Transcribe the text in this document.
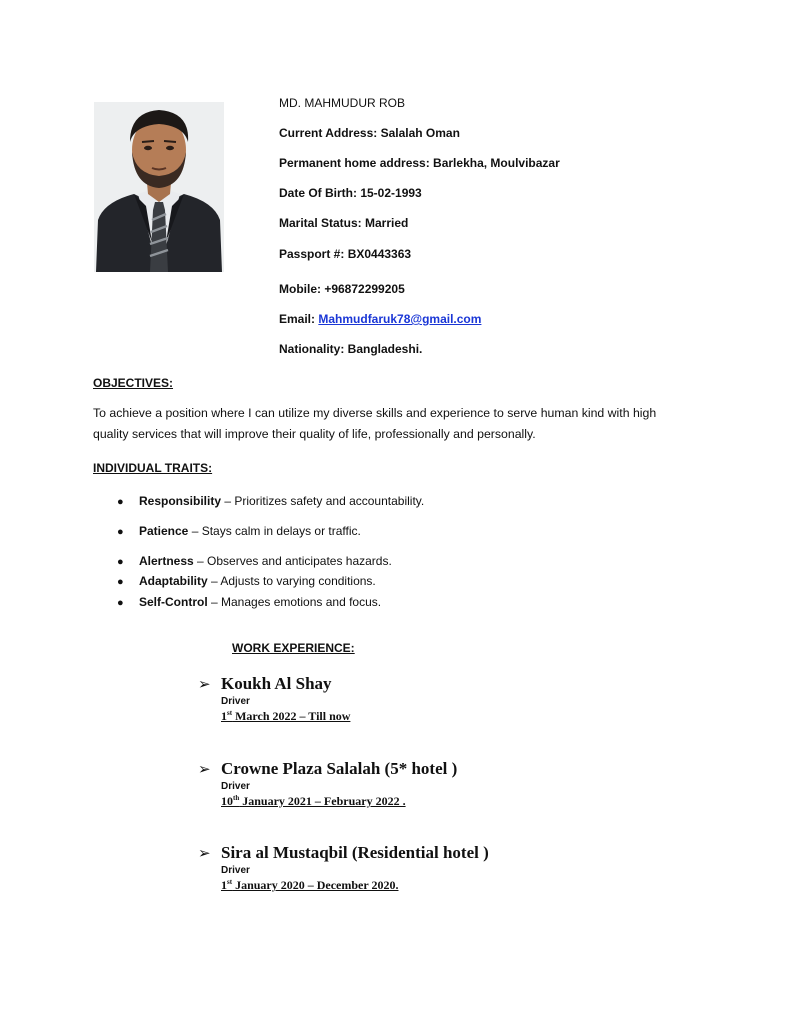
MD. MAHMUDUR ROB
Current Address: Salalah Oman
Permanent home address: Barlekha, Moulvibazar
Date Of Birth: 15-02-1993
Marital Status: Married
Passport #: BX0443363
Mobile: +96872299205
Email: Mahmudfaruk78@gmail.com
Nationality: Bangladeshi.
OBJECTIVES:
To achieve a position where I can utilize my diverse skills and experience to serve human kind with high
quality services that will improve their quality of life, professionally and personally.
INDIVIDUAL TRAITS:
● Responsibility – Prioritizes safety and accountability.
● Patience – Stays calm in delays or traffic.
● Alertness – Observes and anticipates hazards.
● Adaptability – Adjusts to varying conditions.
● Self-Control – Manages emotions and focus.
WORK EXPERIENCE:
➢ Koukh Al Shay
Driver
1st March 2022 – Till now
➢ Crowne Plaza Salalah (5* hotel )
Driver
10th January 2021 – February 2022 .
➢ Sira al Mustaqbil (Residential hotel )
Driver
1st January 2020 – December 2020.
